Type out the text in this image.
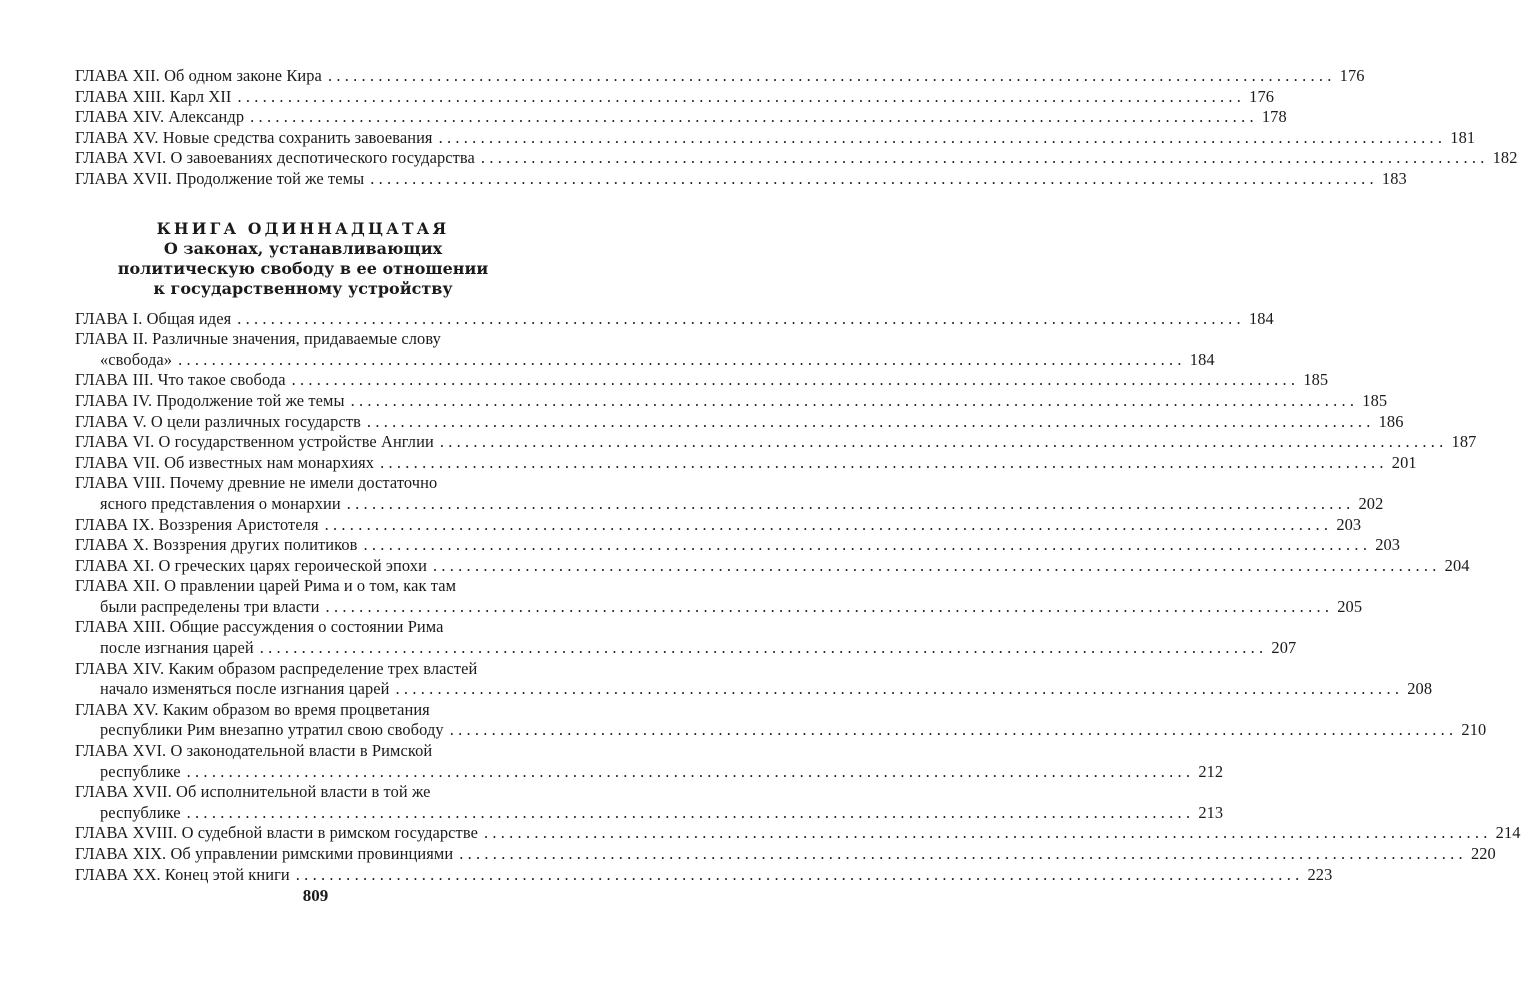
ГЛАВА XII. Об одном законе Кира ........................................................................................................................ 176
ГЛАВА XIII. Карл XII ........................................................................................................................ 176
ГЛАВА XIV. Александр ........................................................................................................................ 178
ГЛАВА XV. Новые средства сохранить завоевания ........................................................................................................................ 181
ГЛАВА XVI. О завоеваниях деспотического государства ........................................................................................................................ 182
ГЛАВА XVII. Продолжение той же темы ........................................................................................................................ 183
КНИГА ОДИННАДЦАТАЯ
О законах, устанавливающих
политическую свободу в ее отношении
к государственному устройству
ГЛАВА I. Общая идея ........................................................................................................................ 184
ГЛАВА II. Различные значения, придаваемые слову
«свобода» ........................................................................................................................ 184
ГЛАВА III. Что такое свобода ........................................................................................................................ 185
ГЛАВА IV. Продолжение той же темы ........................................................................................................................ 185
ГЛАВА V. О цели различных государств ........................................................................................................................ 186
ГЛАВА VI. О государственном устройстве Англии ........................................................................................................................ 187
ГЛАВА VII. Об известных нам монархиях ........................................................................................................................ 201
ГЛАВА VIII. Почему древние не имели достаточно
ясного представления о монархии ........................................................................................................................ 202
ГЛАВА IX. Воззрения Аристотеля ........................................................................................................................ 203
ГЛАВА X. Воззрения других политиков ........................................................................................................................ 203
ГЛАВА XI. О греческих царях героической эпохи ........................................................................................................................ 204
ГЛАВА XII. О правлении царей Рима и о том, как там
были распределены три власти ........................................................................................................................ 205
ГЛАВА XIII. Общие рассуждения о состоянии Рима
после изгнания царей ........................................................................................................................ 207
ГЛАВА XIV. Каким образом распределение трех властей
начало изменяться после изгнания царей ........................................................................................................................ 208
ГЛАВА XV. Каким образом во время процветания
республики Рим внезапно утратил свою свободу ........................................................................................................................ 210
ГЛАВА XVI. О законодательной власти в Римской
республике ........................................................................................................................ 212
ГЛАВА XVII. Об исполнительной власти в той же
республике ........................................................................................................................ 213
ГЛАВА XVIII. О судебной власти в римском государстве ........................................................................................................................ 214
ГЛАВА XIX. Об управлении римскими провинциями ........................................................................................................................ 220
ГЛАВА XX. Конец этой книги ........................................................................................................................ 223
809
